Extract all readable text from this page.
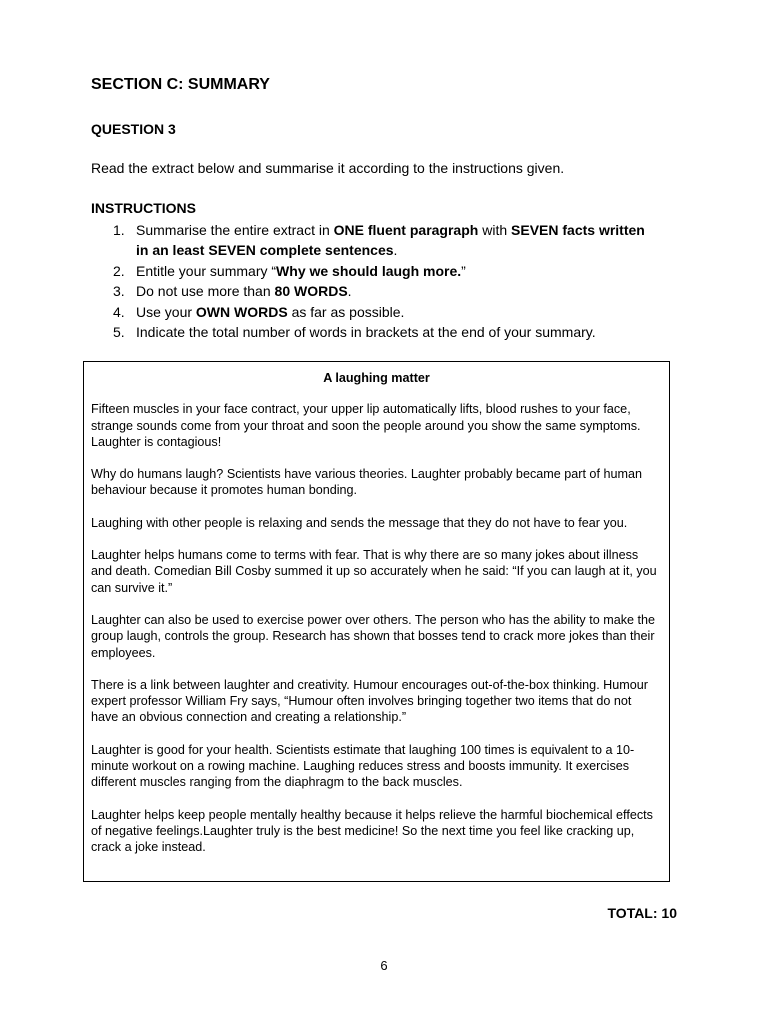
SECTION C: SUMMARY
QUESTION 3

Read the extract below and summarise it according to the instructions given.

INSTRUCTIONS
1. Summarise the entire extract in ONE fluent paragraph with SEVEN facts written in an least SEVEN complete sentences.
2. Entitle your summary “Why we should laugh more.”
3. Do not use more than 80 WORDS.
4. Use your OWN WORDS as far as possible.
5. Indicate the total number of words in brackets at the end of your summary.
A laughing matter

Fifteen muscles in your face contract, your upper lip automatically lifts, blood rushes to your face, strange sounds come from your throat and soon the people around you show the same symptoms. Laughter is contagious!

Why do humans laugh? Scientists have various theories. Laughter probably became part of human behaviour because it promotes human bonding.

Laughing with other people is relaxing and sends the message that they do not have to fear you.

Laughter helps humans come to terms with fear. That is why there are so many jokes about illness and death. Comedian Bill Cosby summed it up so accurately when he said: “If you can laugh at it, you can survive it.”

Laughter can also be used to exercise power over others. The person who has the ability to make the group laugh, controls the group. Research has shown that bosses tend to crack more jokes than their employees.

There is a link between laughter and creativity. Humour encourages out-of-the-box thinking. Humour expert professor William Fry says, “Humour often involves bringing together two items that do not have an obvious connection and creating a relationship.”

Laughter is good for your health. Scientists estimate that laughing 100 times is equivalent to a 10-minute workout on a rowing machine. Laughing reduces stress and boosts immunity. It exercises different muscles ranging from the diaphragm to the back muscles.

Laughter helps keep people mentally healthy because it helps relieve the harmful biochemical effects of negative feelings.Laughter truly is the best medicine! So the next time you feel like cracking up, crack a joke instead.

TOTAL: 10
6
